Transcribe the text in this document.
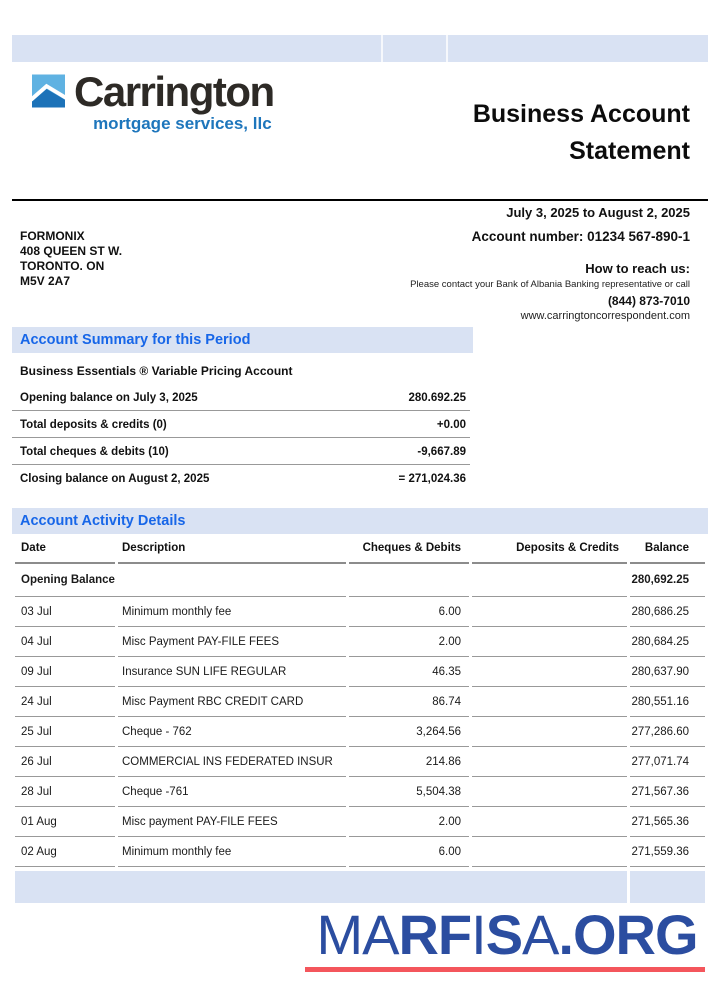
Carrington
mortgage services, llc	Business Account
Statement
July 3, 2025 to August 2, 2025
FORMONIX
408 QUEEN ST W.
TORONTO. ON
M5V 2A7
Account number: 01234 567-890-1
How to reach us:
Please contact your Bank of Albania Banking representative or call
(844) 873-7010
www.carringtoncorrespondent.com
Account Summary for this Period
Business Essentials ® Variable Pricing Account
Opening balance on July 3, 2025	280.692.25
Total deposits & credits (0)	+0.00
Total cheques & debits (10)	-9,667.89
Closing balance on August 2, 2025	= 271,024.36
Account Activity Details
Date	Description	Cheques & Debits	Deposits & Credits	Balance
Opening Balance				280,692.25
03 Jul	Minimum monthly fee	6.00		280,686.25
04 Jul	Misc Payment PAY-FILE FEES	2.00		280,684.25
09 Jul	Insurance SUN LIFE REGULAR	46.35		280,637.90
24 Jul	Misc Payment RBC CREDIT CARD	86.74		280,551.16
25 Jul	Cheque - 762	3,264.56		277,286.60
26 Jul	COMMERCIAL INS FEDERATED INSUR	214.86		277,071.74
28 Jul	Cheque -761	5,504.38		271,567.36
01 Aug	Misc payment PAY-FILE FEES	2.00		271,565.36
02 Aug	Minimum monthly fee	6.00		271,559.36

MARFISA.ORG
